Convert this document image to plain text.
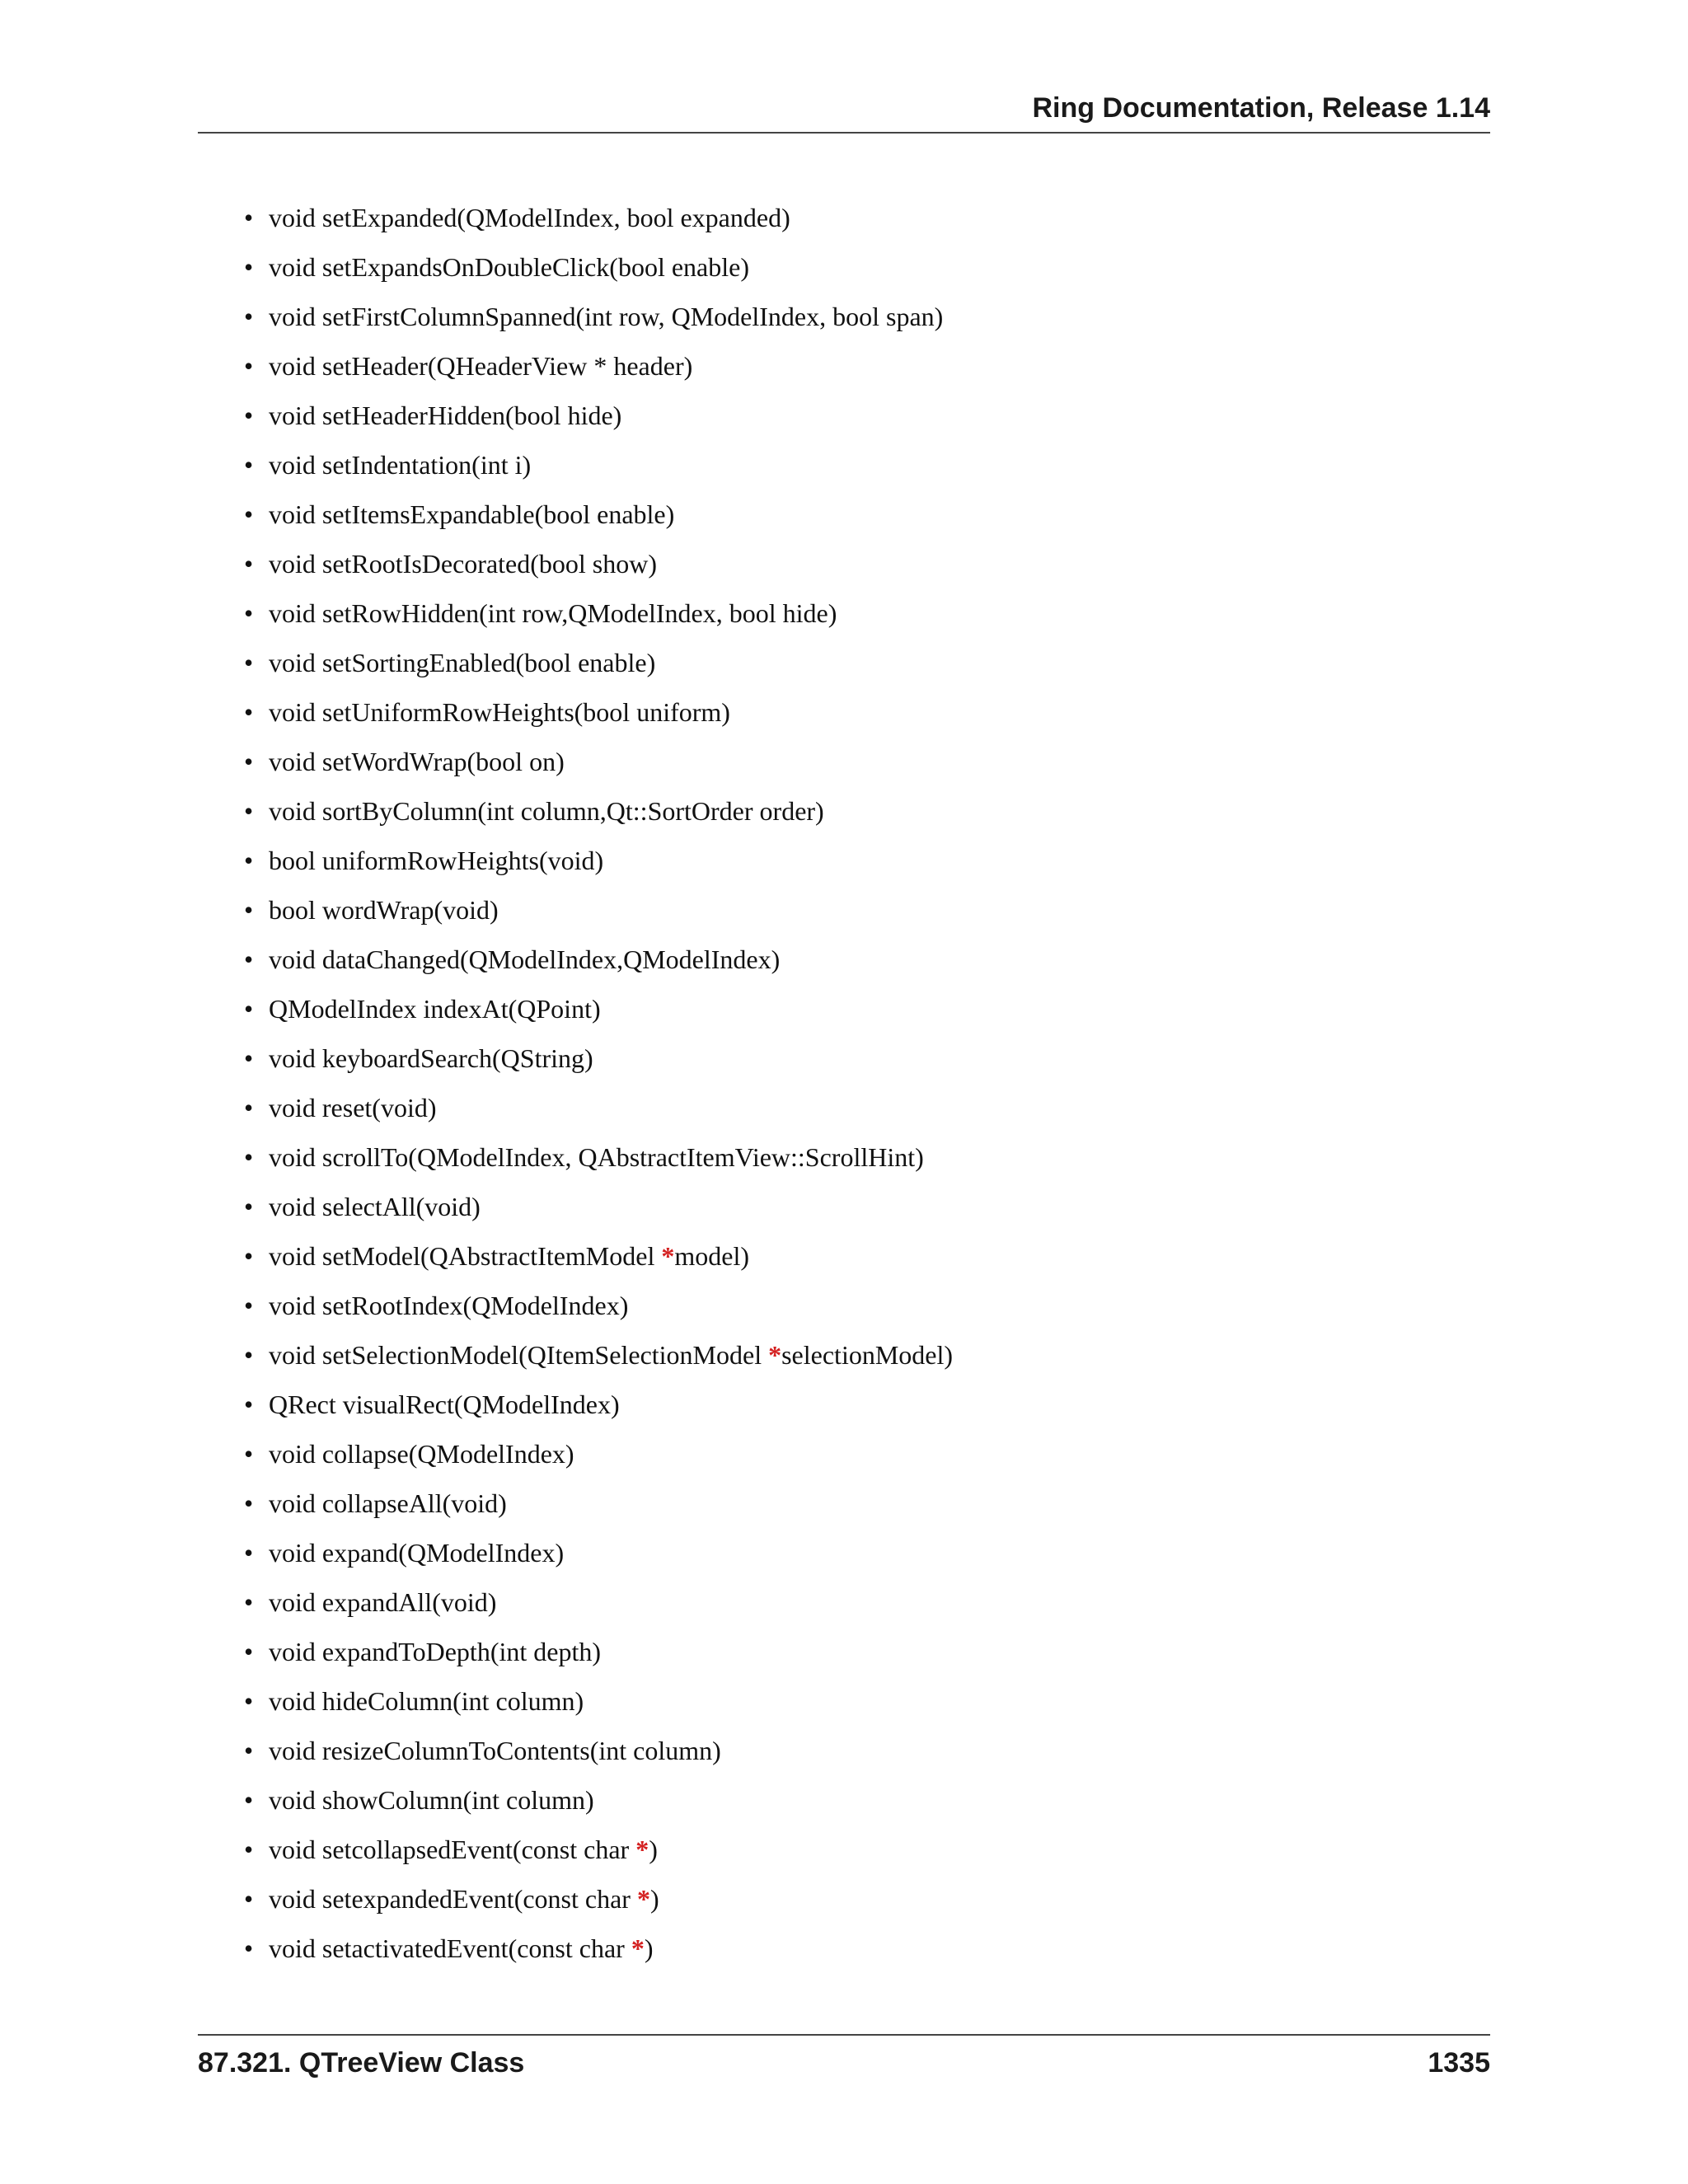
Ring Documentation, Release 1.14
• void setExpanded(QModelIndex, bool expanded)
• void setExpandsOnDoubleClick(bool enable)
• void setFirstColumnSpanned(int row, QModelIndex, bool span)
• void setHeader(QHeaderView * header)
• void setHeaderHidden(bool hide)
• void setIndentation(int i)
• void setItemsExpandable(bool enable)
• void setRootIsDecorated(bool show)
• void setRowHidden(int row,QModelIndex, bool hide)
• void setSortingEnabled(bool enable)
• void setUniformRowHeights(bool uniform)
• void setWordWrap(bool on)
• void sortByColumn(int column,Qt::SortOrder order)
• bool uniformRowHeights(void)
• bool wordWrap(void)
• void dataChanged(QModelIndex,QModelIndex)
• QModelIndex indexAt(QPoint)
• void keyboardSearch(QString)
• void reset(void)
• void scrollTo(QModelIndex, QAbstractItemView::ScrollHint)
• void selectAll(void)
• void setModel(QAbstractItemModel *model)
• void setRootIndex(QModelIndex)
• void setSelectionModel(QItemSelectionModel *selectionModel)
• QRect visualRect(QModelIndex)
• void collapse(QModelIndex)
• void collapseAll(void)
• void expand(QModelIndex)
• void expandAll(void)
• void expandToDepth(int depth)
• void hideColumn(int column)
• void resizeColumnToContents(int column)
• void showColumn(int column)
• void setcollapsedEvent(const char *)
• void setexpandedEvent(const char *)
• void setactivatedEvent(const char *)
87.321. QTreeView Class	1335
